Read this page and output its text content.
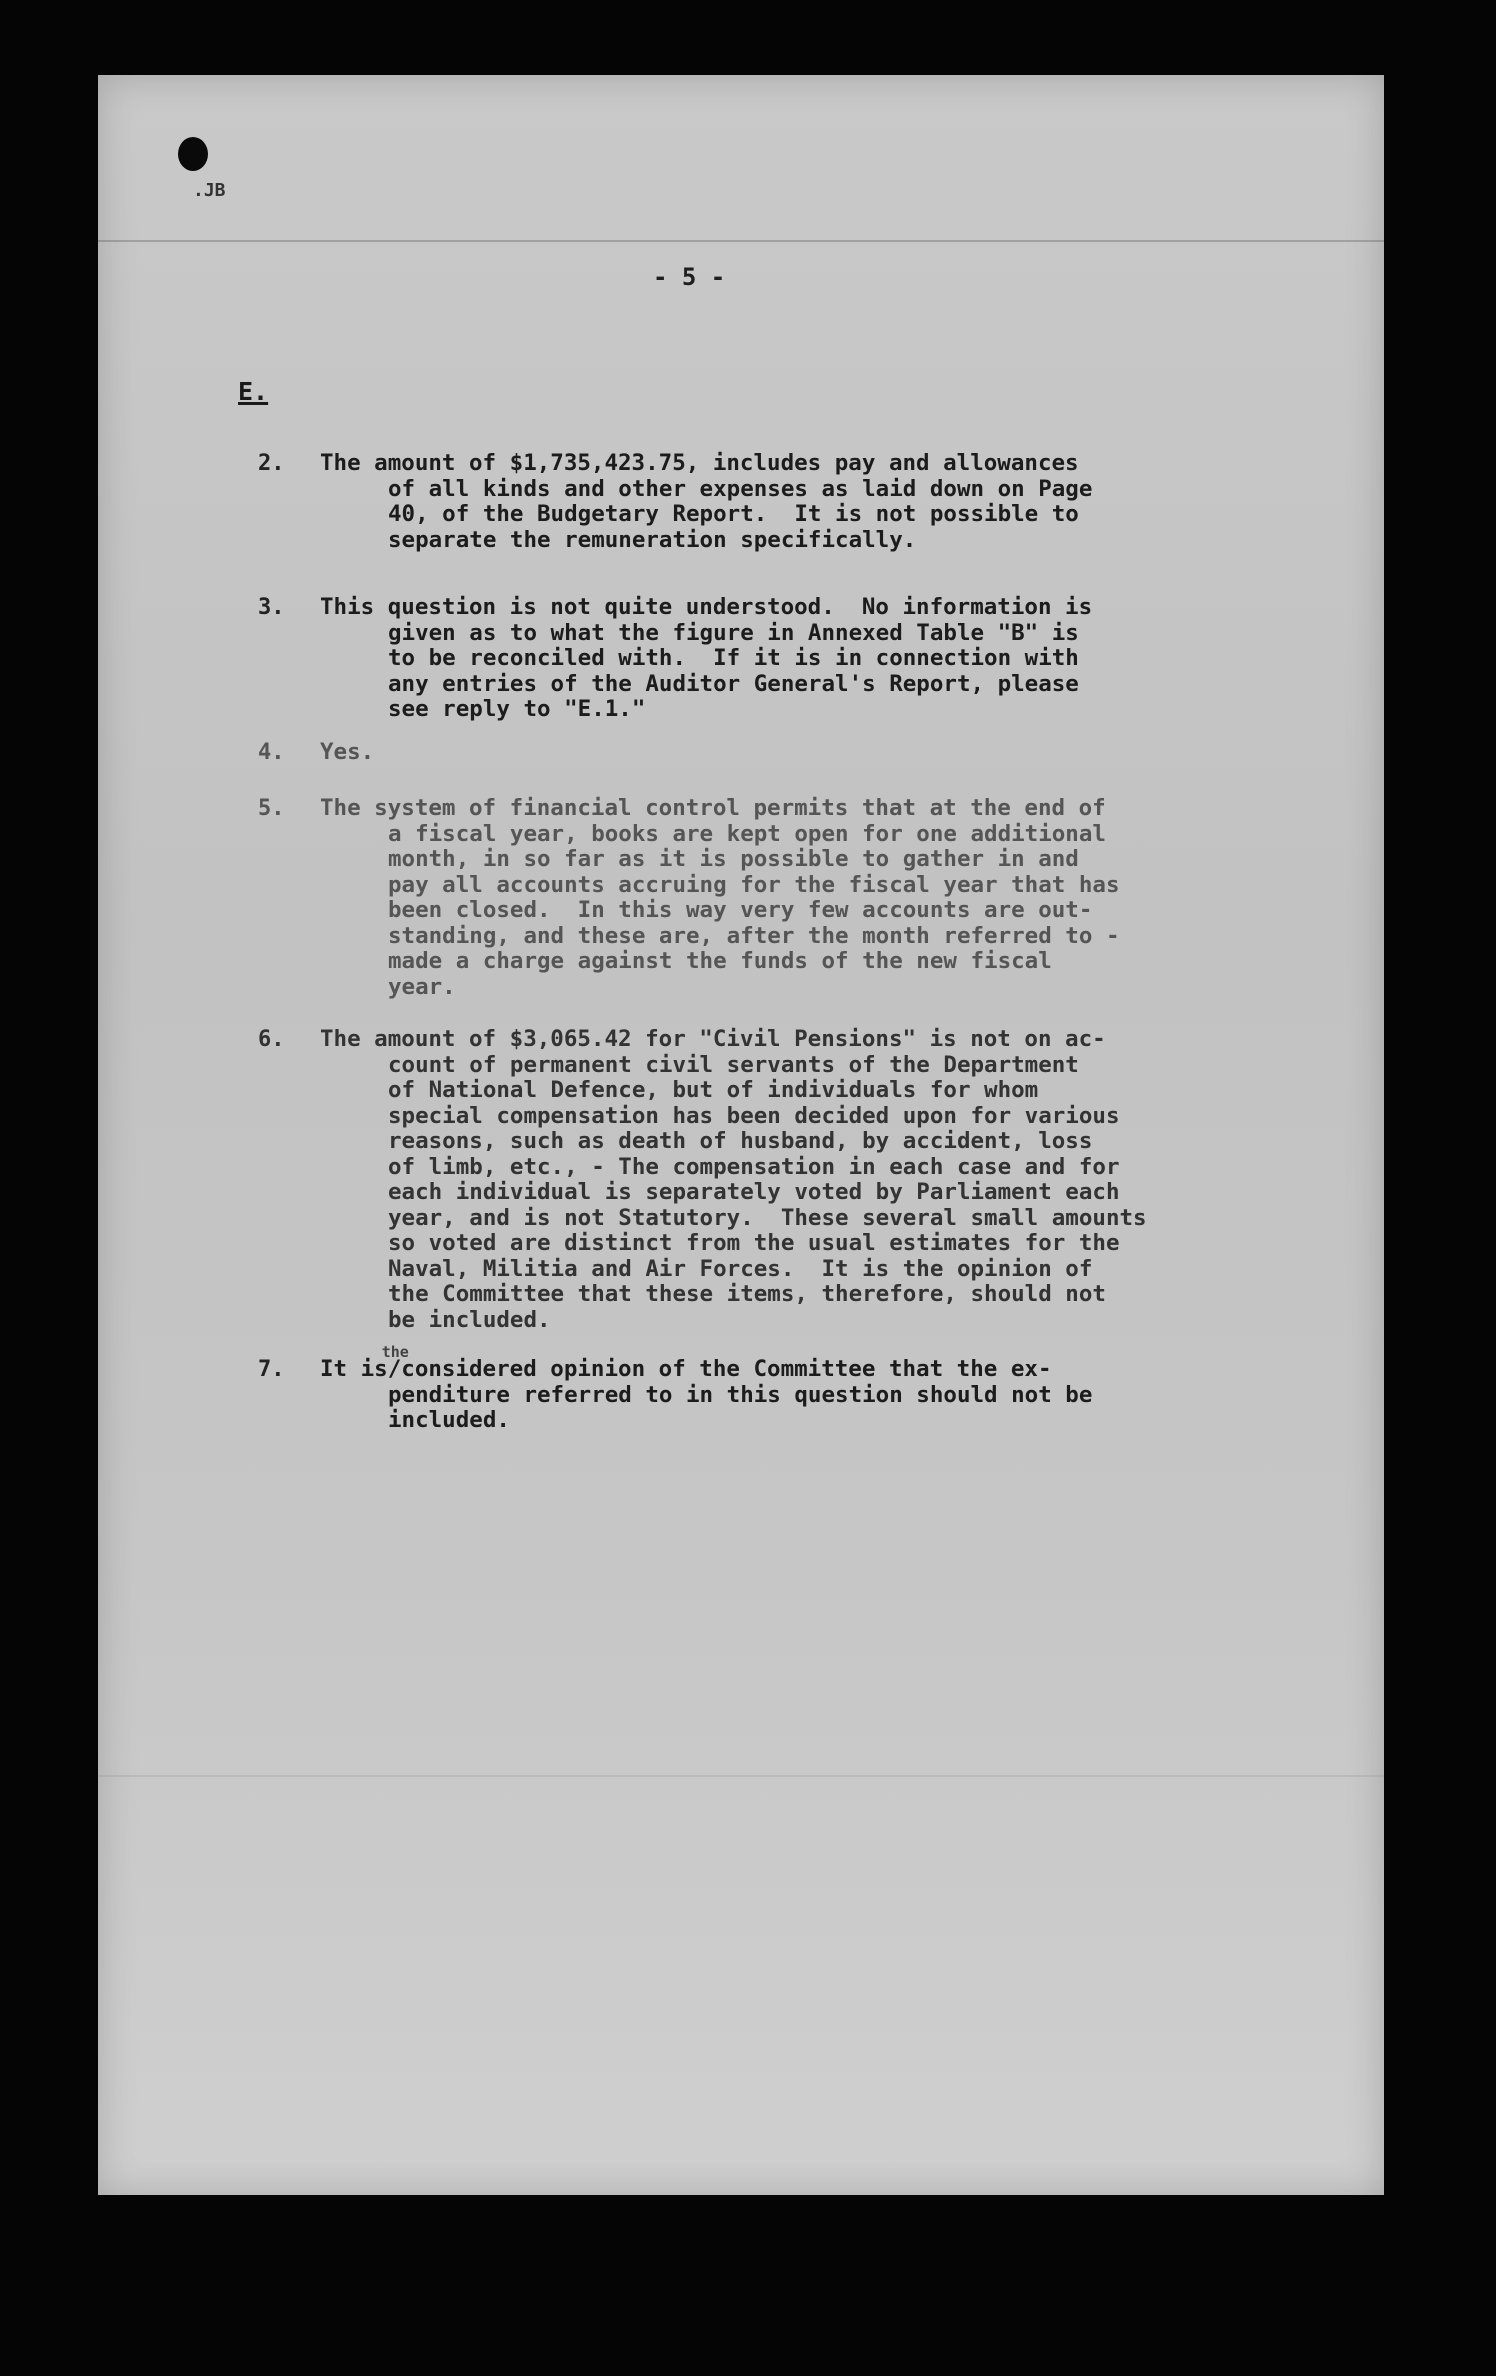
.JB
- 5 -
E.
2.	The amount of $1,735,423.75, includes pay and allowances

of all kinds and other expenses as laid down on Page

40, of the Budgetary Report.  It is not possible to

separate the remuneration specifically.

3.	This question is not quite understood.  No information is

given as to what the figure in Annexed Table "B" is

to be reconciled with.  If it is in connection with

any entries of the Auditor General's Report, please

see reply to "E.1."

4.	Yes.

5.	The system of financial control permits that at the end of

a fiscal year, books are kept open for one additional

month, in so far as it is possible to gather in and

pay all accounts accruing for the fiscal year that has

been closed.  In this way very few accounts are out-

standing, and these are, after the month referred to -

made a charge against the funds of the new fiscal

year.

6.	The amount of $3,065.42 for "Civil Pensions" is not on ac-

count of permanent civil servants of the Department

of National Defence, but of individuals for whom

special compensation has been decided upon for various

reasons, such as death of husband, by accident, loss

of limb, etc., - The compensation in each case and for

each individual is separately voted by Parliament each

year, and is not Statutory.  These several small amounts

so voted are distinct from the usual estimates for the

Naval, Militia and Air Forces.  It is the opinion of

the Committee that these items, therefore, should not

be included.

7.	It is/
the
considered opinion of the Committee that the ex-

penditure referred to in this question should not be

included.
